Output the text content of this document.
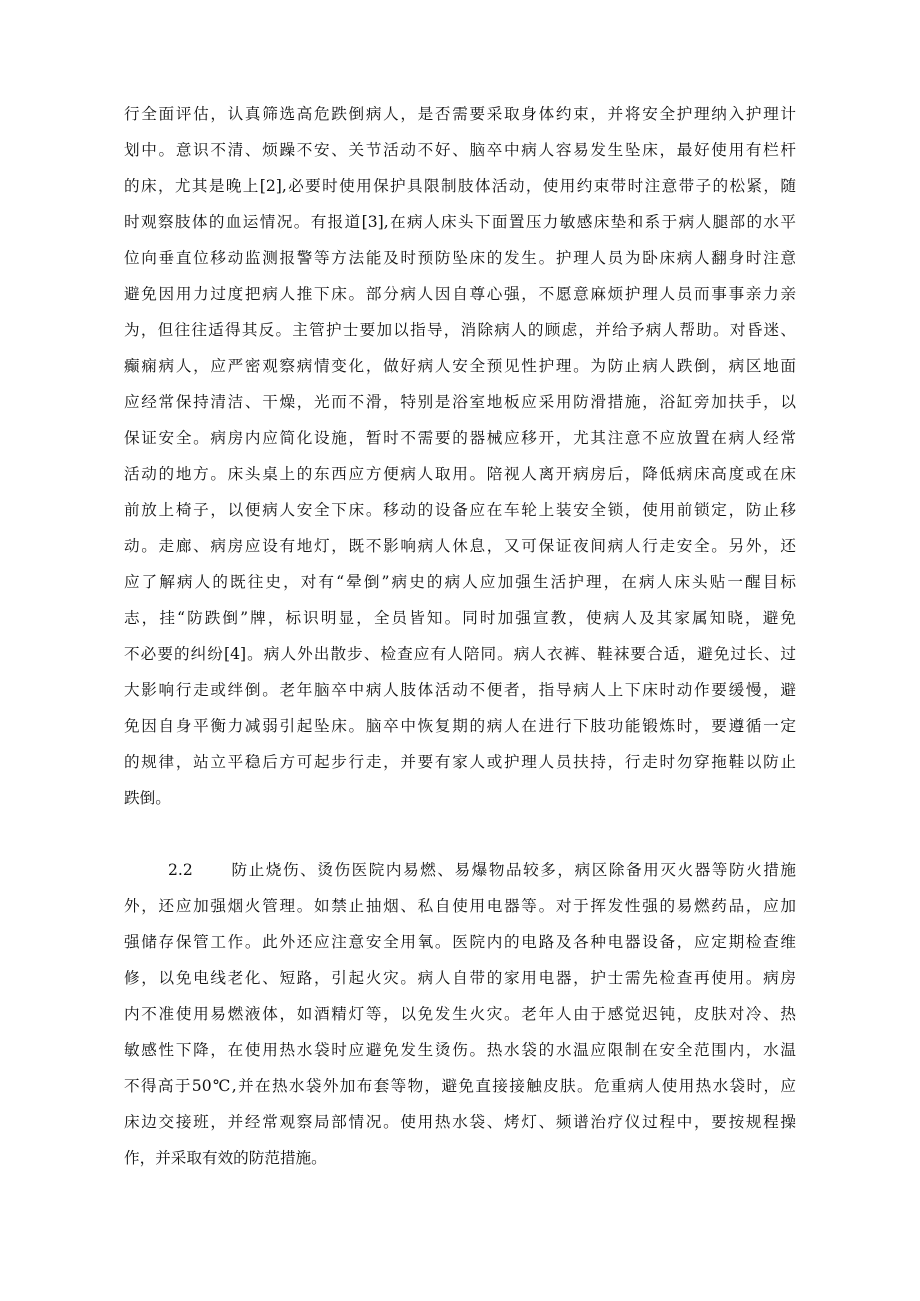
行全面评估，认真筛选高危跌倒病人，是否需要采取身体约束，并将安全护理纳入护理计
划中。意识不清、烦躁不安、关节活动不好、脑卒中病人容易发生坠床，最好使用有栏杆
的床，尤其是晚上[2],必要时使用保护具限制肢体活动，使用约束带时注意带子的松紧，随
时观察肢体的血运情况。有报道[3],在病人床头下面置压力敏感床垫和系于病人腿部的水平
位向垂直位移动监测报警等方法能及时预防坠床的发生。护理人员为卧床病人翻身时注意
避免因用力过度把病人推下床。部分病人因自尊心强，不愿意麻烦护理人员而事事亲力亲
为，但往往适得其反。主管护士要加以指导，消除病人的顾虑，并给予病人帮助。对昏迷、
癫痫病人，应严密观察病情变化，做好病人安全预见性护理。为防止病人跌倒，病区地面
应经常保持清洁、干燥，光而不滑，特别是浴室地板应采用防滑措施，浴缸旁加扶手，以
保证安全。病房内应简化设施，暂时不需要的器械应移开，尤其注意不应放置在病人经常
活动的地方。床头桌上的东西应方便病人取用。陪视人离开病房后，降低病床高度或在床
前放上椅子，以便病人安全下床。移动的设备应在车轮上装安全锁，使用前锁定，防止移
动。走廊、病房应设有地灯，既不影响病人休息，又可保证夜间病人行走安全。另外，还
应了解病人的既往史，对有“晕倒”病史的病人应加强生活护理，在病人床头贴一醒目标
志，挂“防跌倒”牌，标识明显，全员皆知。同时加强宣教，使病人及其家属知晓，避免
不必要的纠纷[4]。病人外出散步、检查应有人陪同。病人衣裤、鞋袜要合适，避免过长、过
大影响行走或绊倒。老年脑卒中病人肢体活动不便者，指导病人上下床时动作要缓慢，避
免因自身平衡力减弱引起坠床。脑卒中恢复期的病人在进行下肢功能锻炼时，要遵循一定
的规律，站立平稳后方可起步行走，并要有家人或护理人员扶持，行走时勿穿拖鞋以防止
跌倒。
2.2 防止烧伤、烫伤医院内易燃、易爆物品较多，病区除备用灭火器等防火措施
外，还应加强烟火管理。如禁止抽烟、私自使用电器等。对于挥发性强的易燃药品，应加
强储存保管工作。此外还应注意安全用氧。医院内的电路及各种电器设备，应定期检查维
修，以免电线老化、短路，引起火灾。病人自带的家用电器，护士需先检查再使用。病房
内不准使用易燃液体，如酒精灯等，以免发生火灾。老年人由于感觉迟钝，皮肤对冷、热
敏感性下降，在使用热水袋时应避免发生烫伤。热水袋的水温应限制在安全范围内，水温
不得高于50℃,并在热水袋外加布套等物，避免直接接触皮肤。危重病人使用热水袋时，应
床边交接班，并经常观察局部情况。使用热水袋、烤灯、频谱治疗仪过程中，要按规程操
作，并采取有效的防范措施。
